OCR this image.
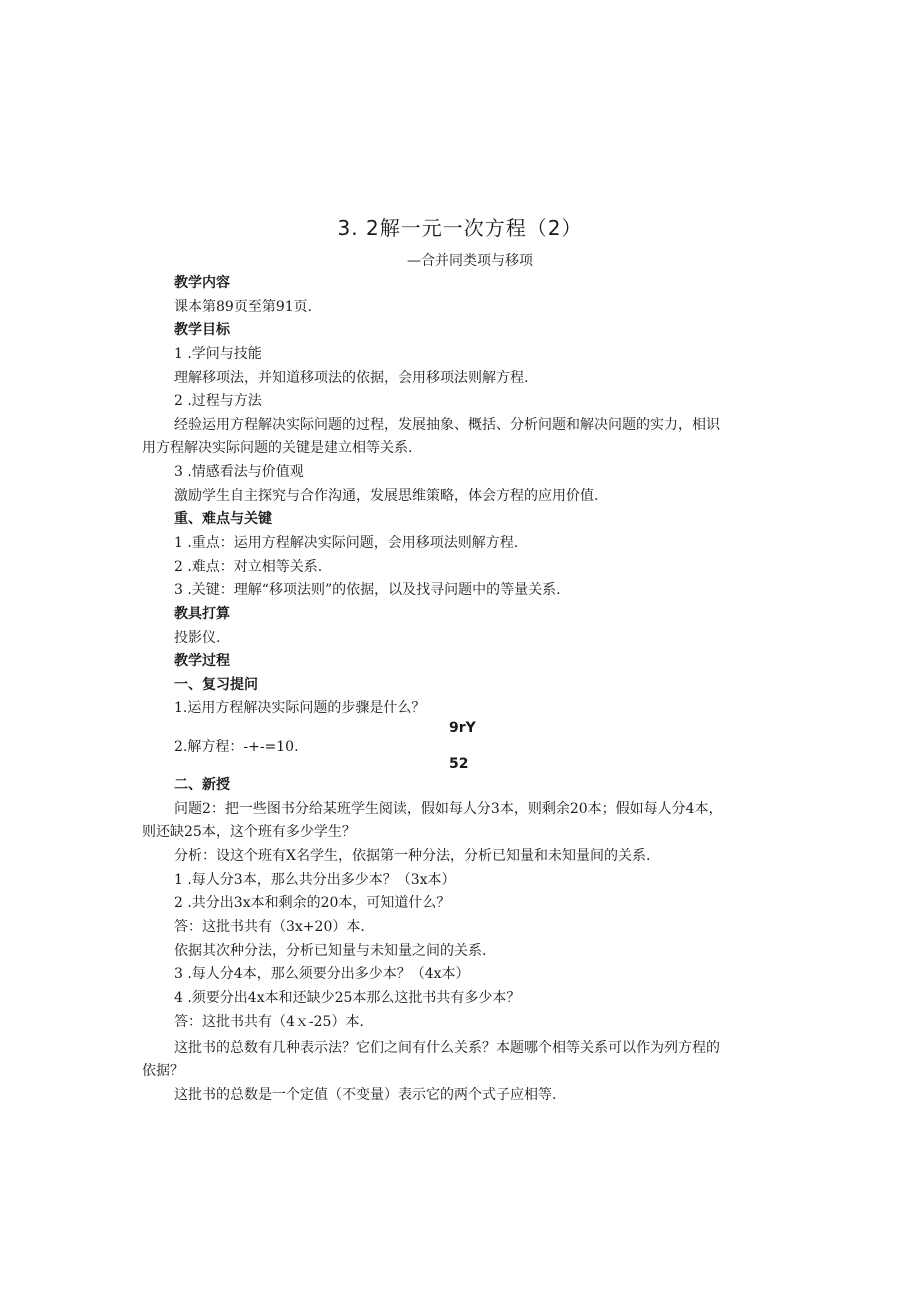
3. 2解一元一次方程（2）
—合并同类项与移项
教学内容
课本第89页至第91页.
教学目标
1 .学问与技能
理解移项法，并知道移项法的依据，会用移项法则解方程.
2 .过程与方法
经验运用方程解决实际问题的过程，发展抽象、概括、分析问题和解决问题的实力，相识
用方程解决实际问题的关键是建立相等关系.
3 .情感看法与价值观
激励学生自主探究与合作沟通，发展思维策略，体会方程的应用价值.
重、难点与关键
1 .重点：运用方程解决实际问题，会用移项法则解方程.
2 .难点：对立相等关系.
3 .关键：理解“移项法则”的依据，以及找寻问题中的等量关系.
教具打算
投影仪.
教学过程
一、复习提问
1.运用方程解决实际问题的步骤是什么？
9rY
2.解方程：-+-=10.
52
二、新授
问题2：把一些图书分给某班学生阅读，假如每人分3本，则剩余20本；假如每人分4本，
则还缺25本，这个班有多少学生？
分析：设这个班有X名学生，依据第一种分法，分析已知量和未知量间的关系.
1 .每人分3本，那么共分出多少本？（3x本）
2 .共分出3x本和剩余的20本，可知道什么？
答：这批书共有（3x+20）本.
依据其次种分法，分析已知量与未知量之间的关系.
3 .每人分4本，那么须要分出多少本？（4x本）
4 .须要分出4x本和还缺少25本那么这批书共有多少本？
答：这批书共有（4ｘ-25）本.
这批书的总数有几种表示法？它们之间有什么关系？本题哪个相等关系可以作为列方程的
依据？
这批书的总数是一个定值（不变量）表示它的两个式子应相等.
